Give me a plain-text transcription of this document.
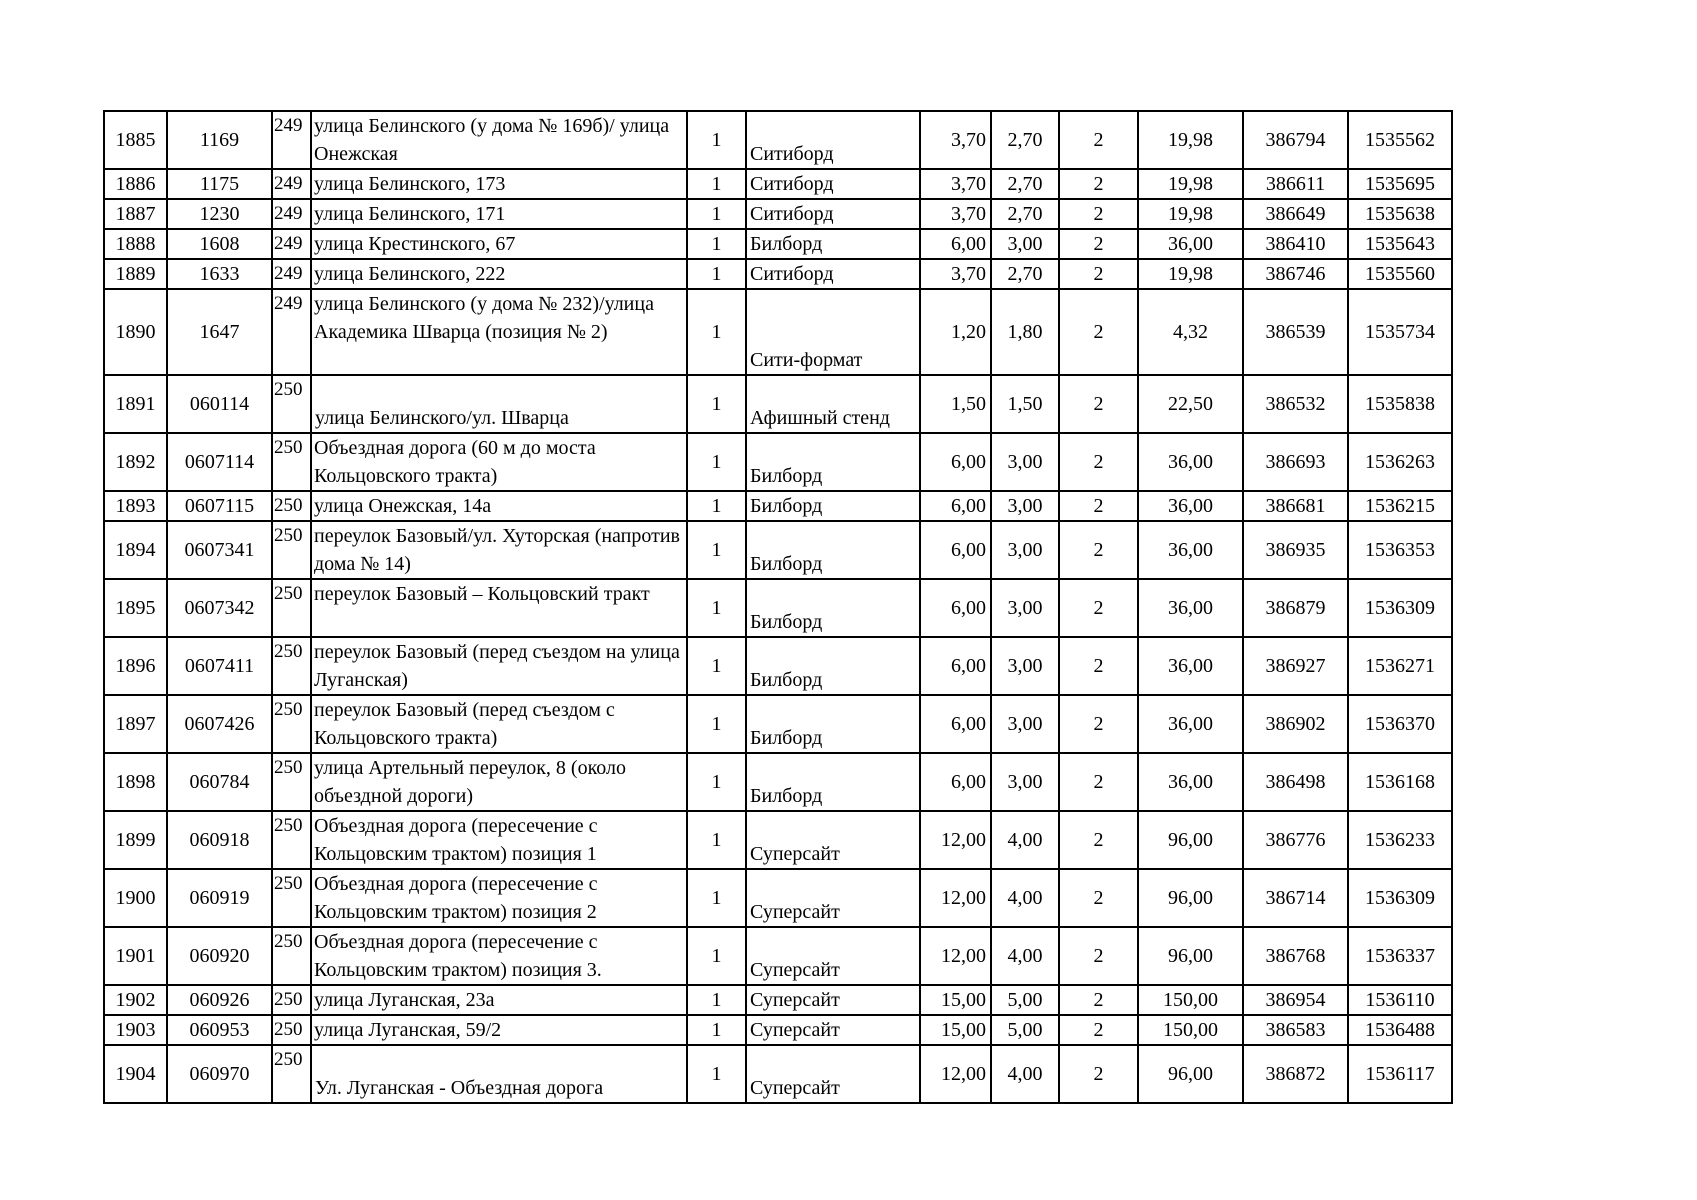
1885	1169	249	улица Белинского (у дома № 169б)/ улица Онежская	1	Ситиборд	3,70	2,70	2	19,98	386794	1535562
1886	1175	249	улица Белинского, 173	1	Ситиборд	3,70	2,70	2	19,98	386611	1535695
1887	1230	249	улица Белинского, 171	1	Ситиборд	3,70	2,70	2	19,98	386649	1535638
1888	1608	249	улица Крестинского, 67	1	Билборд	6,00	3,00	2	36,00	386410	1535643
1889	1633	249	улица Белинского, 222	1	Ситиборд	3,70	2,70	2	19,98	386746	1535560
1890	1647	249	улица Белинского (у дома № 232)/улица Академика Шварца (позиция № 2)	1	Сити-формат	1,20	1,80	2	4,32	386539	1535734
1891	060114	250	улица Белинского/ул. Шварца	1	Афишный стенд	1,50	1,50	2	22,50	386532	1535838
1892	0607114	250	Объездная дорога (60 м до моста Кольцовского тракта)	1	Билборд	6,00	3,00	2	36,00	386693	1536263
1893	0607115	250	улица Онежская, 14а	1	Билборд	6,00	3,00	2	36,00	386681	1536215
1894	0607341	250	переулок Базовый/ул. Хуторская (напротив дома № 14)	1	Билборд	6,00	3,00	2	36,00	386935	1536353
1895	0607342	250	переулок Базовый – Кольцовский тракт	1	Билборд	6,00	3,00	2	36,00	386879	1536309
1896	0607411	250	переулок Базовый (перед съездом на улица Луганская)	1	Билборд	6,00	3,00	2	36,00	386927	1536271
1897	0607426	250	переулок Базовый (перед съездом с Кольцовского тракта)	1	Билборд	6,00	3,00	2	36,00	386902	1536370
1898	060784	250	улица Артельный переулок, 8 (около объездной дороги)	1	Билборд	6,00	3,00	2	36,00	386498	1536168
1899	060918	250	Объездная дорога (пересечение с Кольцовским трактом) позиция 1	1	Суперсайт	12,00	4,00	2	96,00	386776	1536233
1900	060919	250	Объездная дорога (пересечение с Кольцовским трактом) позиция 2	1	Суперсайт	12,00	4,00	2	96,00	386714	1536309
1901	060920	250	Объездная дорога (пересечение с Кольцовским трактом) позиция 3.	1	Суперсайт	12,00	4,00	2	96,00	386768	1536337
1902	060926	250	улица Луганская, 23а	1	Суперсайт	15,00	5,00	2	150,00	386954	1536110
1903	060953	250	улица Луганская, 59/2	1	Суперсайт	15,00	5,00	2	150,00	386583	1536488
1904	060970	250	Ул. Луганская - Объездная дорога	1	Суперсайт	12,00	4,00	2	96,00	386872	1536117
